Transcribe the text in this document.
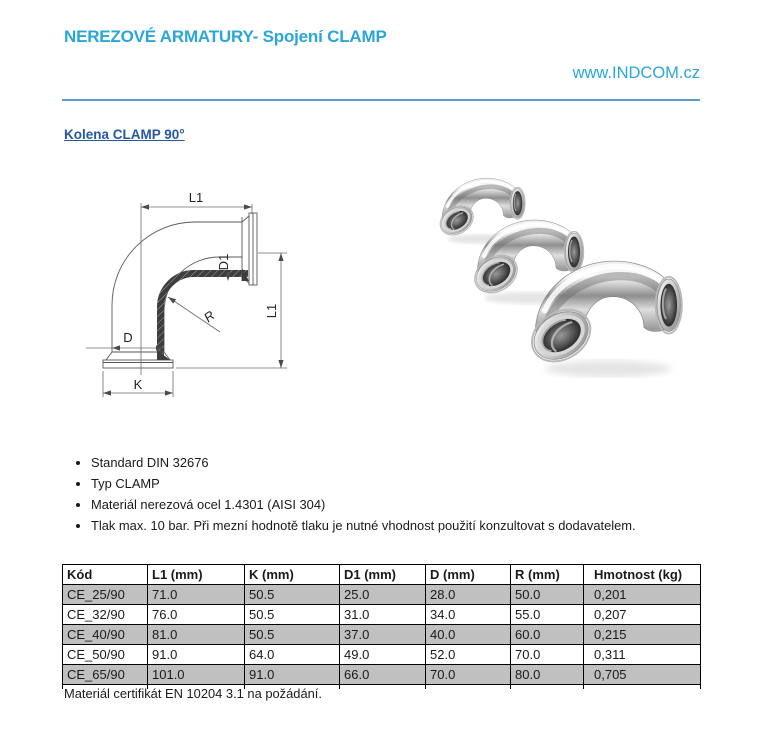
NEREZOVÉ ARMATURY- Spojení CLAMP
www.INDCOM.cz
Kolena CLAMP 90°
L1
L1
D1
R
D
K
• Standard DIN 32676
• Typ CLAMP
• Materiál nerezová ocel 1.4301 (AISI 304)
• Tlak max. 10 bar. Při mezní hodnotě tlaku je nutné vhodnost použití konzultovat s dodavatelem.
Kód	L1 (mm)	K (mm)	D1 (mm)	D (mm)	R (mm)	Hmotnost (kg)
CE_25/90	71.0	50.5	25.0	28.0	50.0	0,201
CE_32/90	76.0	50.5	31.0	34.0	55.0	0,207
CE_40/90	81.0	50.5	37.0	40.0	60.0	0,215
CE_50/90	91.0	64.0	49.0	52.0	70.0	0,311
CE_65/90	101.0	91.0	66.0	70.0	80.0	0,705

Materiál certifikát EN 10204 3.1 na požádání.
